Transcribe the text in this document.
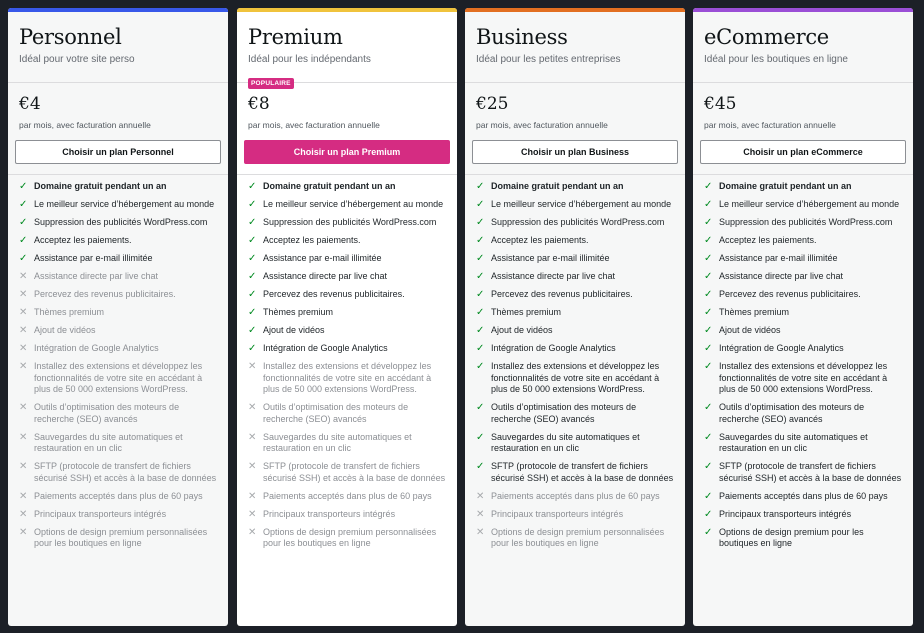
Personnel
Idéal pour votre site perso
€4
par mois, avec facturation annuelle
Choisir un plan Personnel
✓ Domaine gratuit pendant un an
✓ Le meilleur service d’hébergement au monde
✓ Suppression des publicités WordPress.com
✓ Acceptez les paiements.
✓ Assistance par e-mail illimitée
✕ Assistance directe par live chat
✕ Percevez des revenus publicitaires.
✕ Thèmes premium
✕ Ajout de vidéos
✕ Intégration de Google Analytics
✕ Installez des extensions et développez les fonctionnalités de votre site en accédant à plus de 50 000 extensions WordPress.
✕ Outils d’optimisation des moteurs de recherche (SEO) avancés
✕ Sauvegardes du site automatiques et restauration en un clic
✕ SFTP (protocole de transfert de fichiers sécurisé SSH) et accès à la base de données
✕ Paiements acceptés dans plus de 60 pays
✕ Principaux transporteurs intégrés
✕ Options de design premium personnalisées pour les boutiques en ligne
Premium
Idéal pour les indépendants
POPULAIRE
€8
par mois, avec facturation annuelle
Choisir un plan Premium
✓ Domaine gratuit pendant un an
✓ Le meilleur service d’hébergement au monde
✓ Suppression des publicités WordPress.com
✓ Acceptez les paiements.
✓ Assistance par e-mail illimitée
✓ Assistance directe par live chat
✓ Percevez des revenus publicitaires.
✓ Thèmes premium
✓ Ajout de vidéos
✓ Intégration de Google Analytics
✕ Installez des extensions et développez les fonctionnalités de votre site en accédant à plus de 50 000 extensions WordPress.
✕ Outils d’optimisation des moteurs de recherche (SEO) avancés
✕ Sauvegardes du site automatiques et restauration en un clic
✕ SFTP (protocole de transfert de fichiers sécurisé SSH) et accès à la base de données
✕ Paiements acceptés dans plus de 60 pays
✕ Principaux transporteurs intégrés
✕ Options de design premium personnalisées pour les boutiques en ligne
Business
Idéal pour les petites entreprises
€25
par mois, avec facturation annuelle
Choisir un plan Business
✓ Domaine gratuit pendant un an
✓ Le meilleur service d’hébergement au monde
✓ Suppression des publicités WordPress.com
✓ Acceptez les paiements.
✓ Assistance par e-mail illimitée
✓ Assistance directe par live chat
✓ Percevez des revenus publicitaires.
✓ Thèmes premium
✓ Ajout de vidéos
✓ Intégration de Google Analytics
✓ Installez des extensions et développez les fonctionnalités de votre site en accédant à plus de 50 000 extensions WordPress.
✓ Outils d’optimisation des moteurs de recherche (SEO) avancés
✓ Sauvegardes du site automatiques et restauration en un clic
✓ SFTP (protocole de transfert de fichiers sécurisé SSH) et accès à la base de données
✕ Paiements acceptés dans plus de 60 pays
✕ Principaux transporteurs intégrés
✕ Options de design premium personnalisées pour les boutiques en ligne
eCommerce
Idéal pour les boutiques en ligne
€45
par mois, avec facturation annuelle
Choisir un plan eCommerce
✓ Domaine gratuit pendant un an
✓ Le meilleur service d’hébergement au monde
✓ Suppression des publicités WordPress.com
✓ Acceptez les paiements.
✓ Assistance par e-mail illimitée
✓ Assistance directe par live chat
✓ Percevez des revenus publicitaires.
✓ Thèmes premium
✓ Ajout de vidéos
✓ Intégration de Google Analytics
✓ Installez des extensions et développez les fonctionnalités de votre site en accédant à plus de 50 000 extensions WordPress.
✓ Outils d’optimisation des moteurs de recherche (SEO) avancés
✓ Sauvegardes du site automatiques et restauration en un clic
✓ SFTP (protocole de transfert de fichiers sécurisé SSH) et accès à la base de données
✓ Paiements acceptés dans plus de 60 pays
✓ Principaux transporteurs intégrés
✓ Options de design premium pour les boutiques en ligne
